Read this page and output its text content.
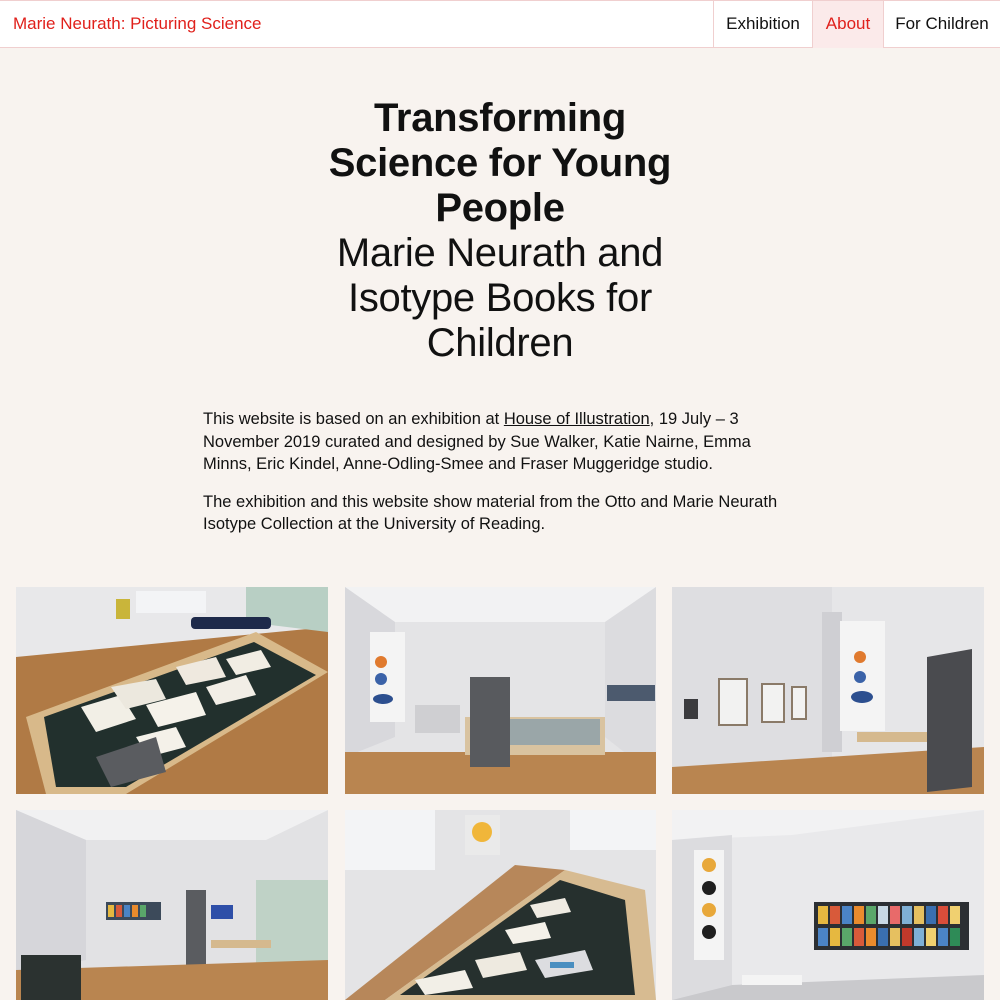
Marie Neurath: Picturing Science	Exhibition	About	For Children
Transforming
Science for Young
People
Marie Neurath and
Isotype Books for
Children

This website is based on an exhibition at House of Illustration, 19 July – 3 November 2019 curated and designed by Sue Walker, Katie Nairne, Emma Minns, Eric Kindel, Anne-Odling-Smee and Fraser Muggeridge studio.

The exhibition and this website show material from the Otto and Marie Neurath Isotype Collection at the University of Reading.
